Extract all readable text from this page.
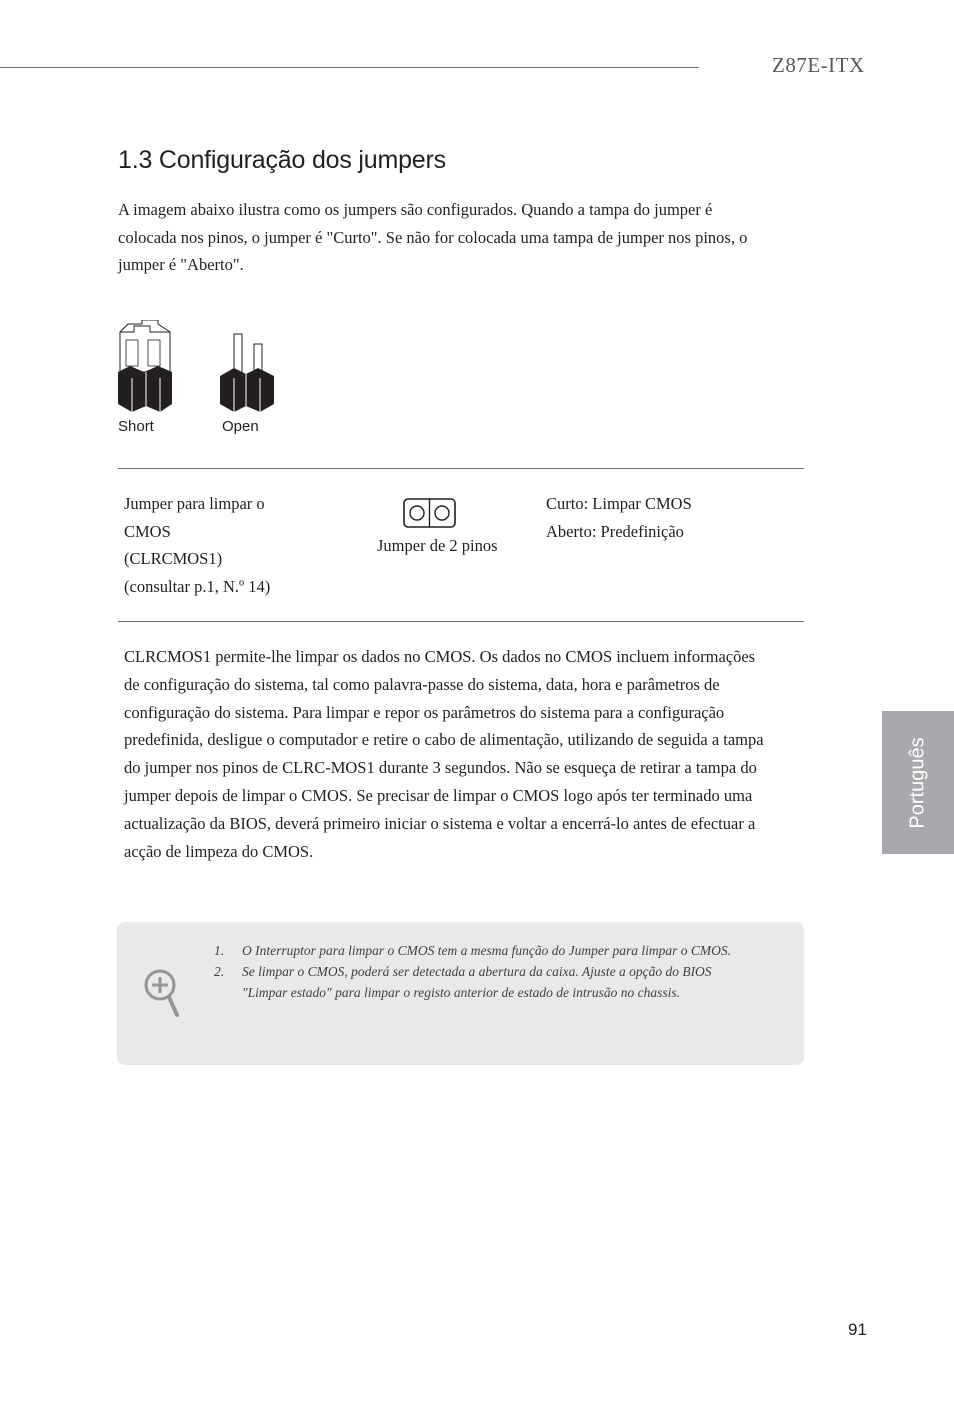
Z87E-ITX
1.3 Configuração dos jumpers

A imagem abaixo ilustra como os jumpers são configurados. Quando a tampa do jumper é colocada nos pinos, o jumper é "Curto". Se não for colocada uma tampa de jumper nos pinos, o jumper é "Aberto".

Short	Open

Jumper para limpar o
CMOS
(CLRCMOS1)
(consultar p.1, N.º 14)

Jumper de 2 pinos

Curto: Limpar CMOS
Aberto: Predefinição

CLRCMOS1 permite-lhe limpar os dados no CMOS. Os dados no CMOS incluem informações de configuração do sistema, tal como palavra-passe do sistema, data, hora e parâmetros de configuração do sistema. Para limpar e repor os parâmetros do sistema para a configuração predefinida, desligue o computador e retire o cabo de alimentação, utilizando de seguida a tampa do jumper nos pinos de CLRC-MOS1 durante 3 segundos. Não se esqueça de retirar a tampa do jumper depois de limpar o CMOS. Se precisar de limpar o CMOS logo após ter terminado uma actualização da BIOS, deverá primeiro iniciar o sistema e voltar a encerrá-lo antes de efectuar a acção de limpeza do CMOS.

1. O Interruptor para limpar o CMOS tem a mesma função do Jumper para limpar o CMOS.
2. Se limpar o CMOS, poderá ser detectada a abertura da caixa. Ajuste a opção do BIOS "Limpar estado" para limpar o registo anterior de estado de intrusão no chassis.
Português
91
